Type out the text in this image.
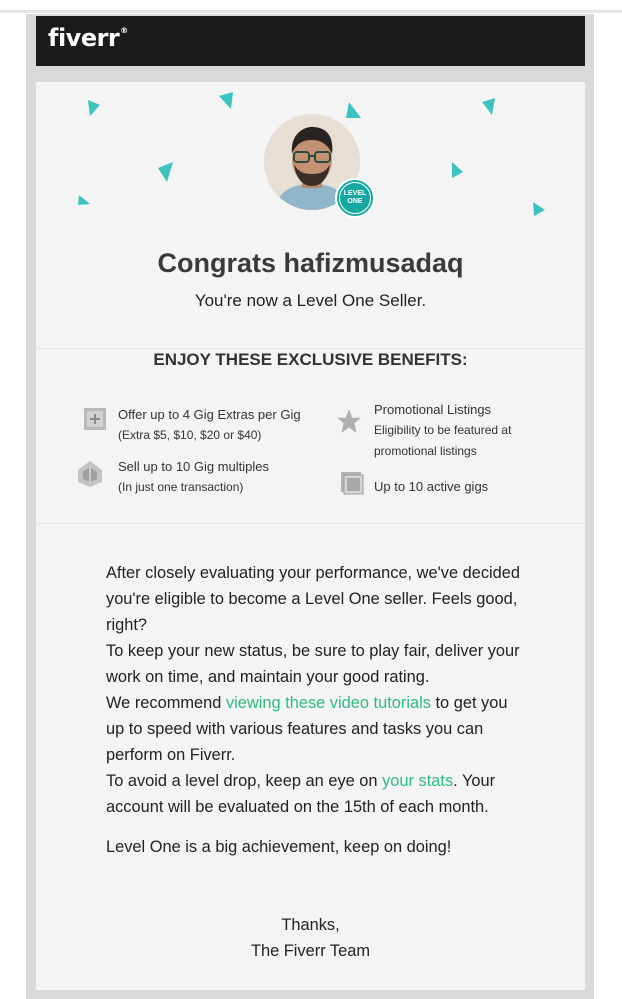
fiverr®
LEVEL
ONE
Congrats hafizmusadaq
You're now a Level One Seller.
ENJOY THESE EXCLUSIVE BENEFITS:
Offer up to 4 Gig Extras per Gig
(Extra $5, $10, $20 or $40)
Promotional Listings
Eligibility to be featured at
promotional listings
Sell up to 10 Gig multiples
(In just one transaction)	Up to 10 active gigs

After closely evaluating your performance, we've decided you're eligible to become a Level One seller. Feels good, right?

To keep your new status, be sure to play fair, deliver your work on time, and maintain your good rating.

We recommend viewing these video tutorials to get you up to speed with various features and tasks you can perform on Fiverr.

To avoid a level drop, keep an eye on your stats. Your account will be evaluated on the 15th of each month.

Level One is a big achievement, keep on doing!
Thanks,
The Fiverr Team
